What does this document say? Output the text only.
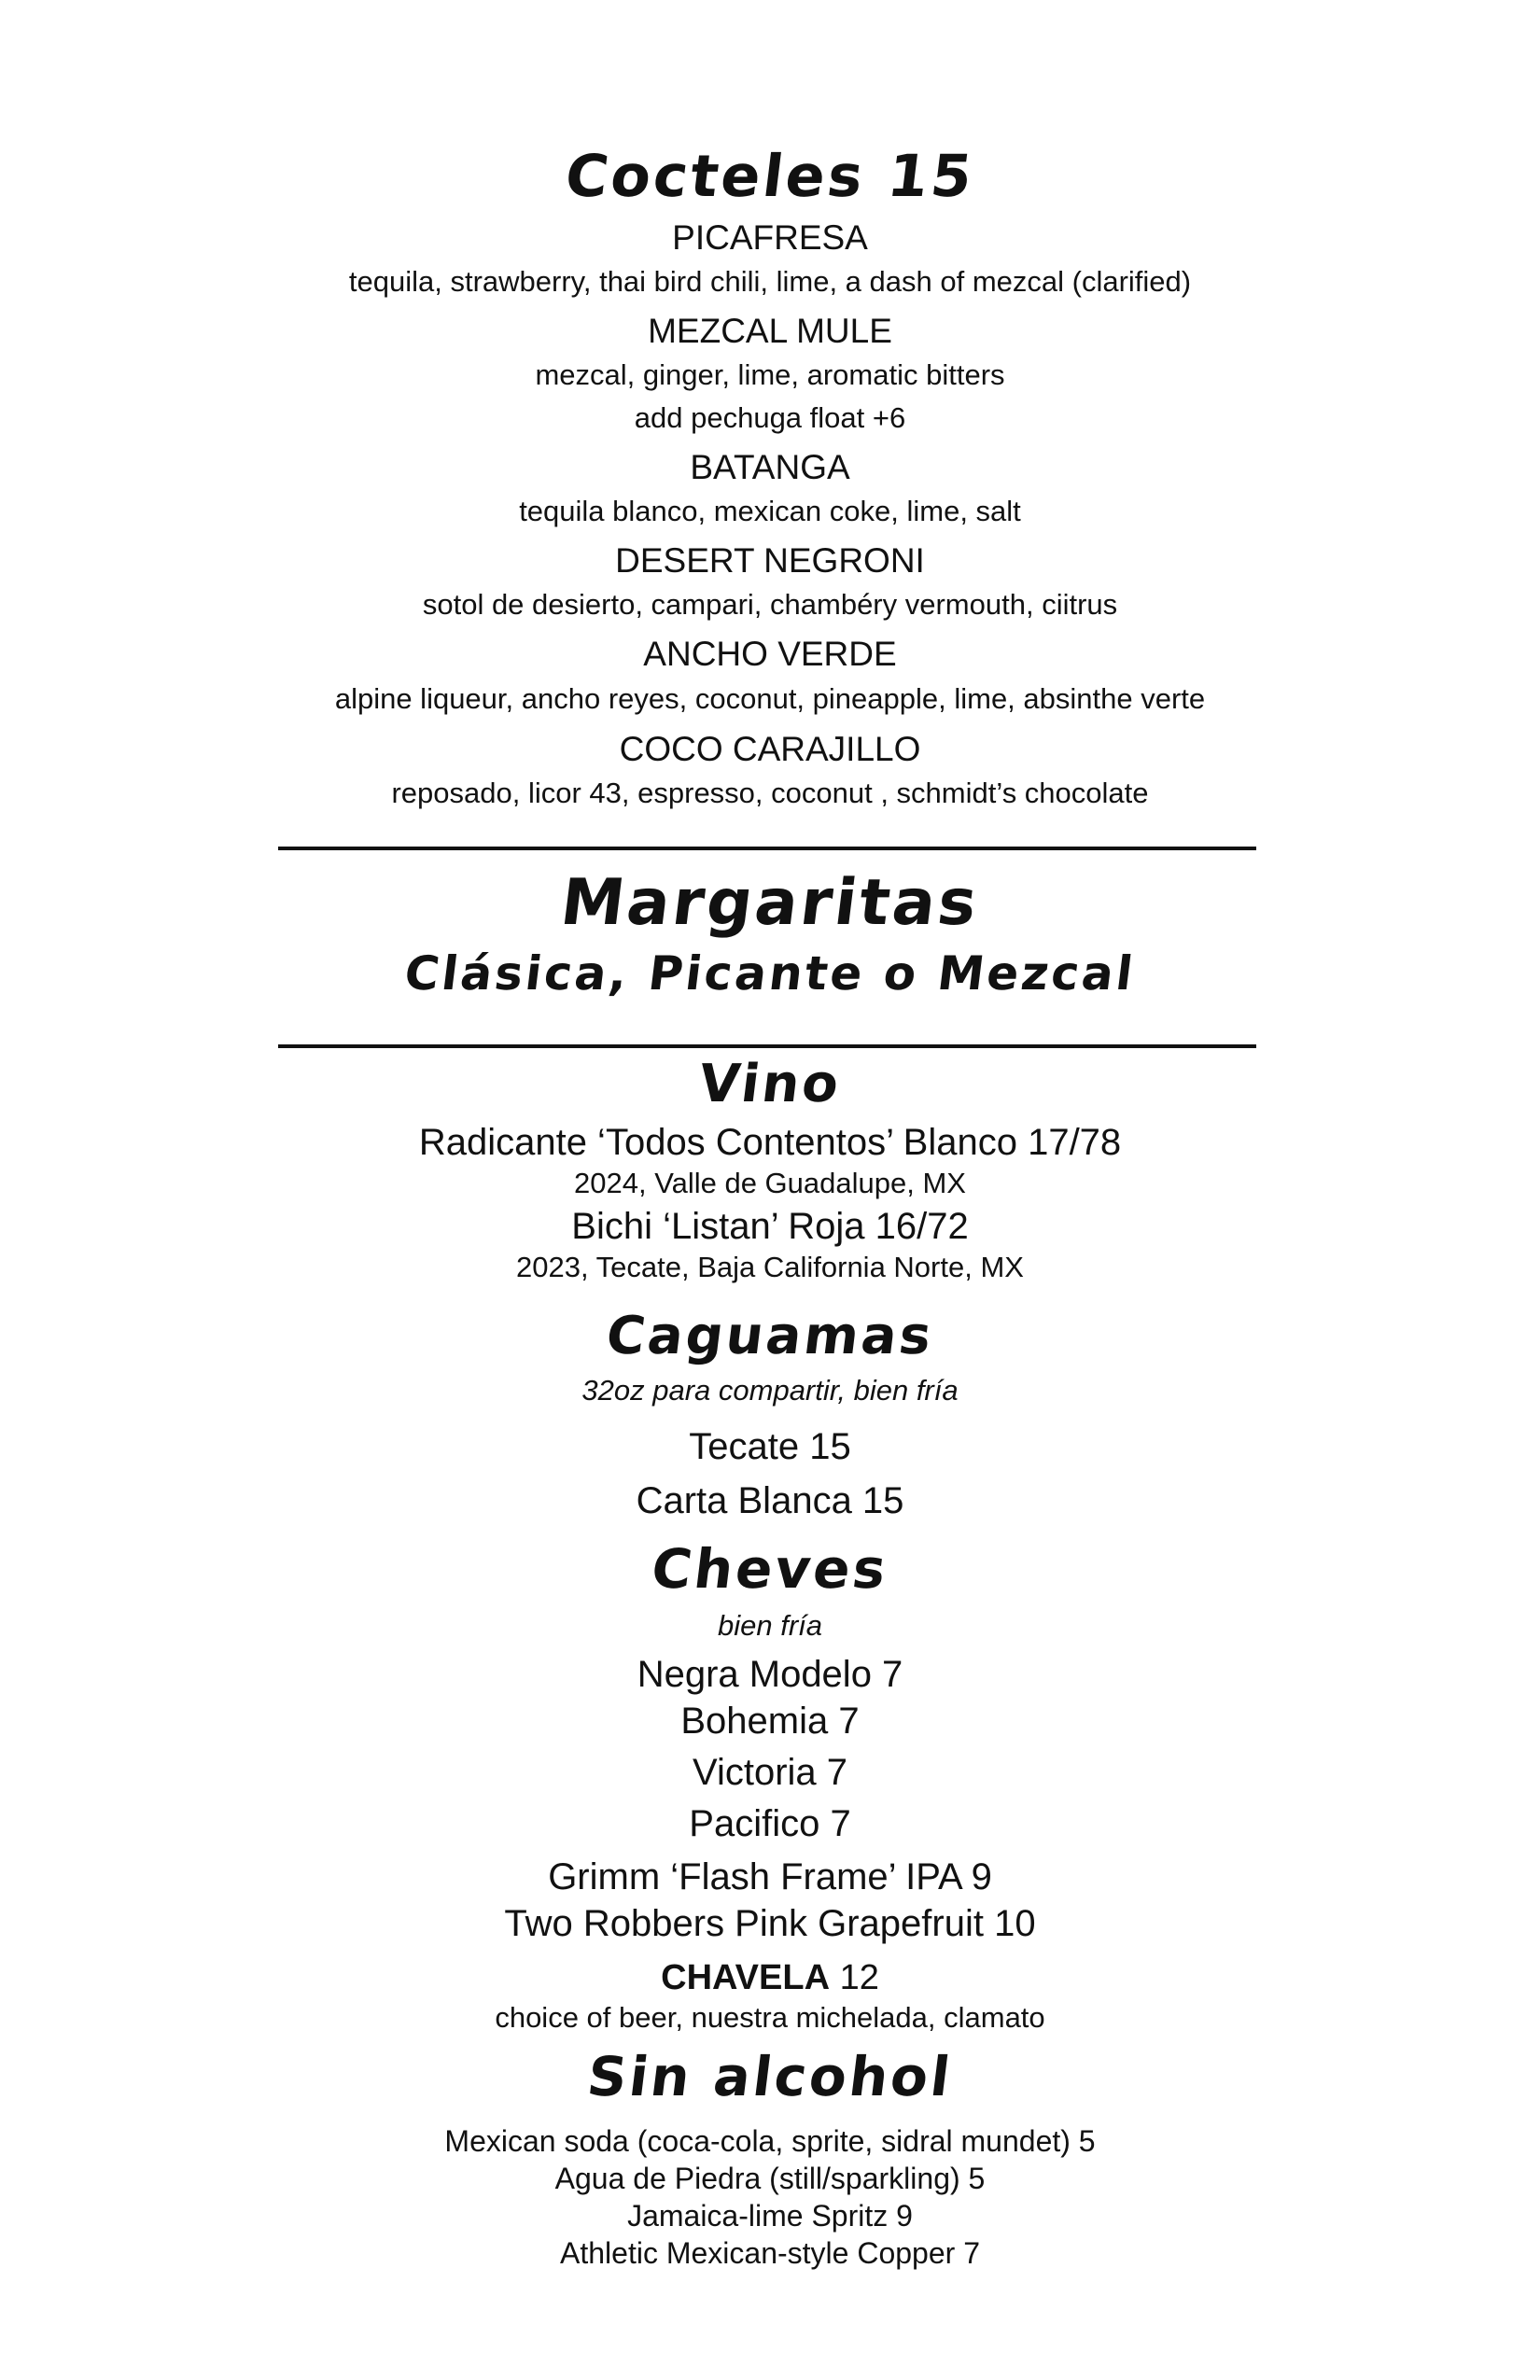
Cocteles 15
PICAFRESA
tequila, strawberry, thai bird chili, lime, a dash of mezcal (clarified)
MEZCAL MULE
mezcal, ginger, lime, aromatic bitters
add pechuga float +6
BATANGA
tequila blanco, mexican coke, lime, salt
DESERT NEGRONI
sotol de desierto, campari, chambéry vermouth, ciitrus
ANCHO VERDE
alpine liqueur, ancho reyes, coconut, pineapple, lime, absinthe verte
COCO CARAJILLO
reposado, licor 43, espresso, coconut , schmidt’s chocolate
Margaritas
Clásica, Picante o Mezcal
Vino
Radicante ‘Todos Contentos’ Blanco 17/78
2024, Valle de Guadalupe, MX
Bichi ‘Listan’ Roja 16/72
2023, Tecate, Baja California Norte, MX
Caguamas
32oz para compartir, bien fría
Tecate 15
Carta Blanca 15
Cheves
bien fría
Negra Modelo 7
Bohemia 7
Victoria 7
Pacifico 7
Grimm ‘Flash Frame’ IPA 9
Two Robbers Pink Grapefruit 10
CHAVELA 12
choice of beer, nuestra michelada, clamato
Sin alcohol
Mexican soda (coca-cola, sprite, sidral mundet) 5
Agua de Piedra (still/sparkling) 5
Jamaica-lime Spritz 9
Athletic Mexican-style Copper 7
